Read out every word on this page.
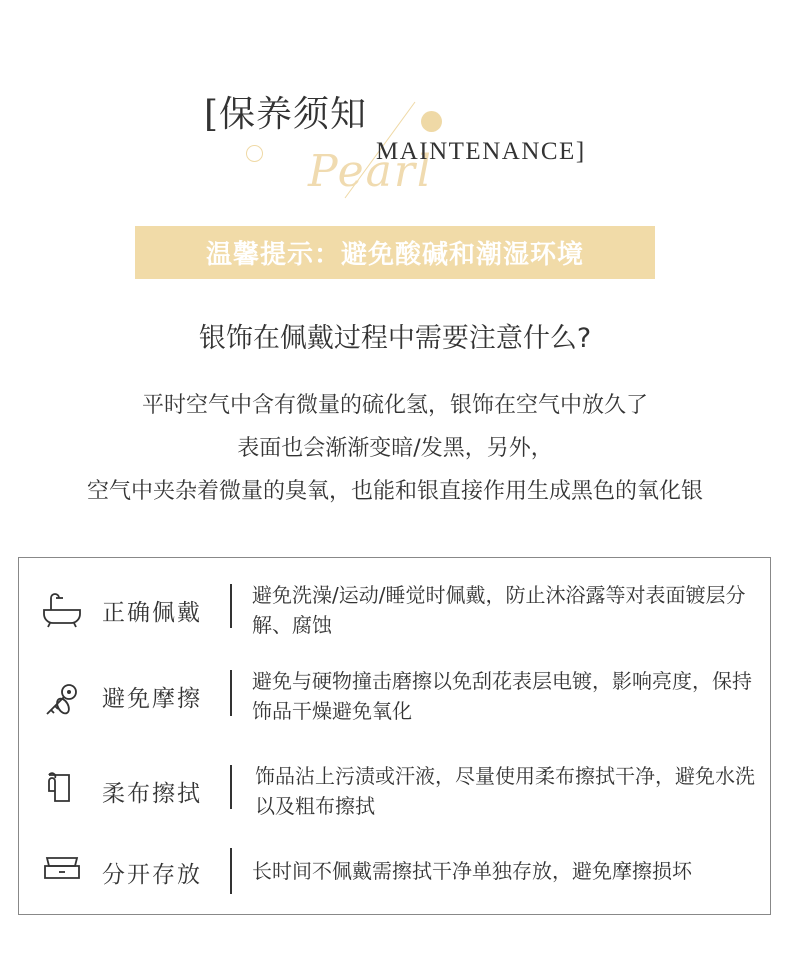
Pearl
[保养须知
MAINTENANCE]
温馨提示：避免酸碱和潮湿环境
银饰在佩戴过程中需要注意什么?
平时空气中含有微量的硫化氢，银饰在空气中放久了
表面也会渐渐变暗/发黑，另外，
空气中夹杂着微量的臭氧，也能和银直接作用生成黑色的氧化银
正确佩戴
避免洗澡/运动/睡觉时佩戴，防止沐浴露等对表面镀层分解、腐蚀
避免摩擦
避免与硬物撞击磨擦以免刮花表层电镀，影响亮度，保持饰品干燥避免氧化
柔布擦拭
饰品沾上污渍或汗液，尽量使用柔布擦拭干净，避免水洗以及粗布擦拭
分开存放	长时间不佩戴需擦拭干净单独存放，避免摩擦损坏
